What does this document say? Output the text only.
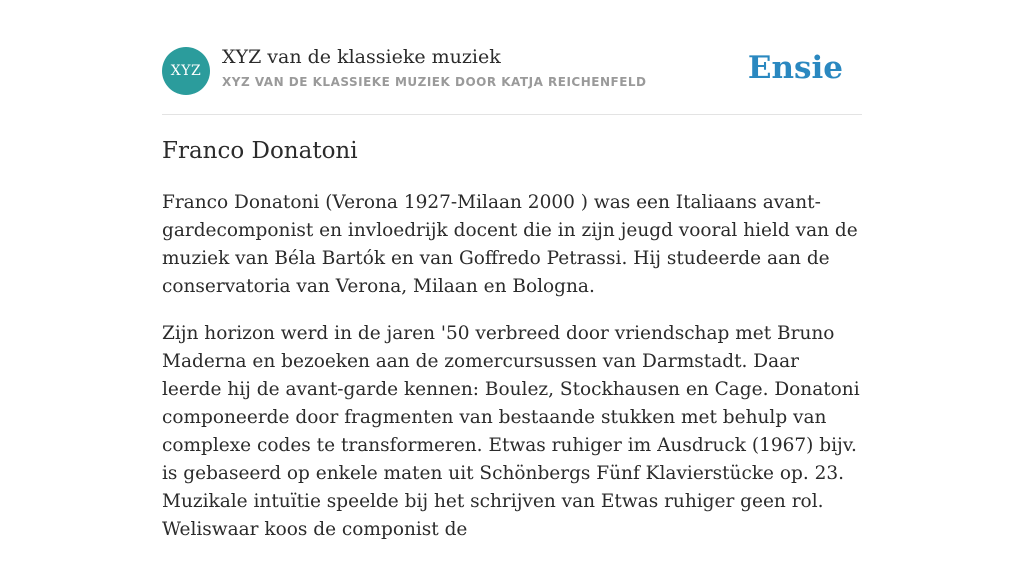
XYZ
XYZ van de klassieke muziek
XYZ VAN DE KLASSIEKE MUZIEK DOOR KATJA REICHENFELD	Ensie
Franco Donatoni

Franco Donatoni (Verona 1927-Milaan 2000 ) was een Italiaans avant-gardecomponist en invloedrijk docent die in zijn jeugd vooral hield van de muziek van Béla Bartók en van Goffredo Petrassi. Hij studeerde aan de conservatoria van Verona, Milaan en Bologna.

Zijn horizon werd in de jaren '50 verbreed door vriendschap met Bruno Maderna en bezoeken aan de zomercursussen van Darmstadt. Daar leerde hij de avant-garde kennen: Boulez, Stockhausen en Cage. Donatoni componeerde door fragmenten van bestaande stukken met behulp van complexe codes te transformeren. Etwas ruhiger im Ausdruck (1967) bijv. is gebaseerd op enkele maten uit Schönbergs Fünf Klavierstücke op. 23. Muzikale intuïtie speelde bij het schrijven van Etwas ruhiger geen rol. Weliswaar koos de componist de
